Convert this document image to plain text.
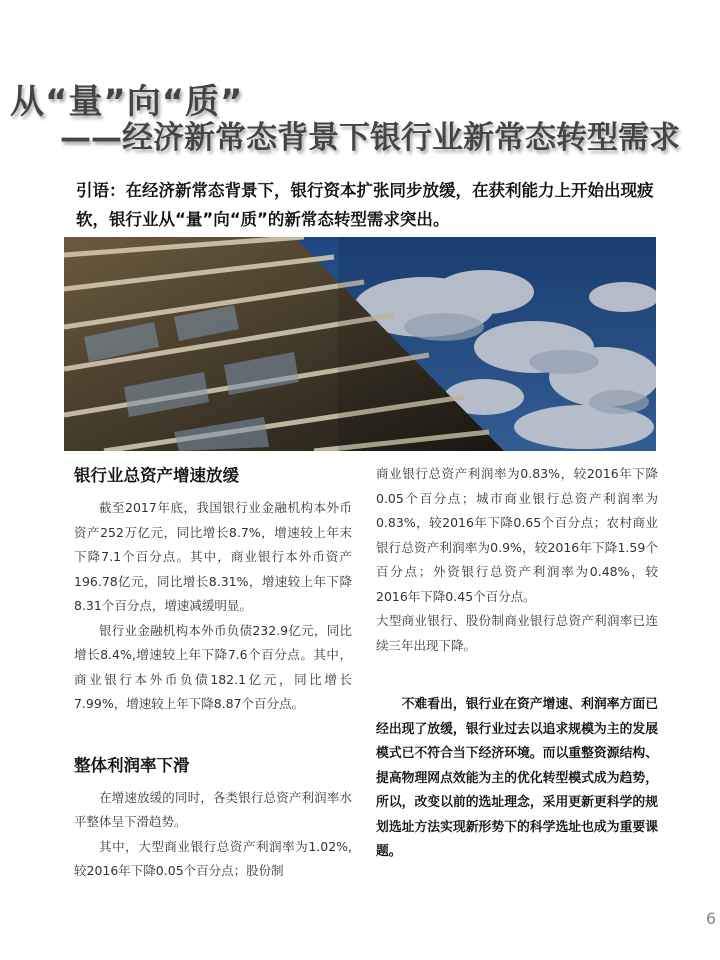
从“量”向“质”
——经济新常态背景下银行业新常态转型需求
引语：在经济新常态背景下，银行资本扩张同步放缓，在获利能力上开始出现疲软，银行业从“量”向“质”的新常态转型需求突出。
银行业总资产增速放缓

截至2017年底，我国银行业金融机构本外币资产252万亿元，同比增长8.7%，增速较上年末下降7.1个百分点。其中，商业银行本外币资产196.78亿元，同比增长8.31%，增速较上年下降8.31个百分点，增速减缓明显。

银行业金融机构本外币负债232.9亿元，同比增长8.4%,增速较上年下降7.6个百分点。其中，商业银行本外币负债182.1亿元，同比增长7.99%，增速较上年下降8.87个百分点。

整体利润率下滑

在增速放缓的同时，各类银行总资产利润率水平整体呈下滑趋势。

其中，大型商业银行总资产利润率为1.02%,较2016年下降0.05个百分点；股份制

商业银行总资产利润率为0.83%，较2016年下降0.05个百分点；城市商业银行总资产利润率为0.83%，较2016年下降0.65个百分点；农村商业银行总资产利润率为0.9%，较2016年下降1.59个百分点；外资银行总资产利润率为0.48%，较2016年下降0.45个百分点。

大型商业银行、股份制商业银行总资产利润率已连续三年出现下降。

不难看出，银行业在资产增速、利润率方面已经出现了放缓，银行业过去以追求规模为主的发展模式已不符合当下经济环境。而以重整资源结构、提高物理网点效能为主的优化转型模式成为趋势，所以，改变以前的选址理念，采用更新更科学的规划选址方法实现新形势下的科学选址也成为重要课题。

6
